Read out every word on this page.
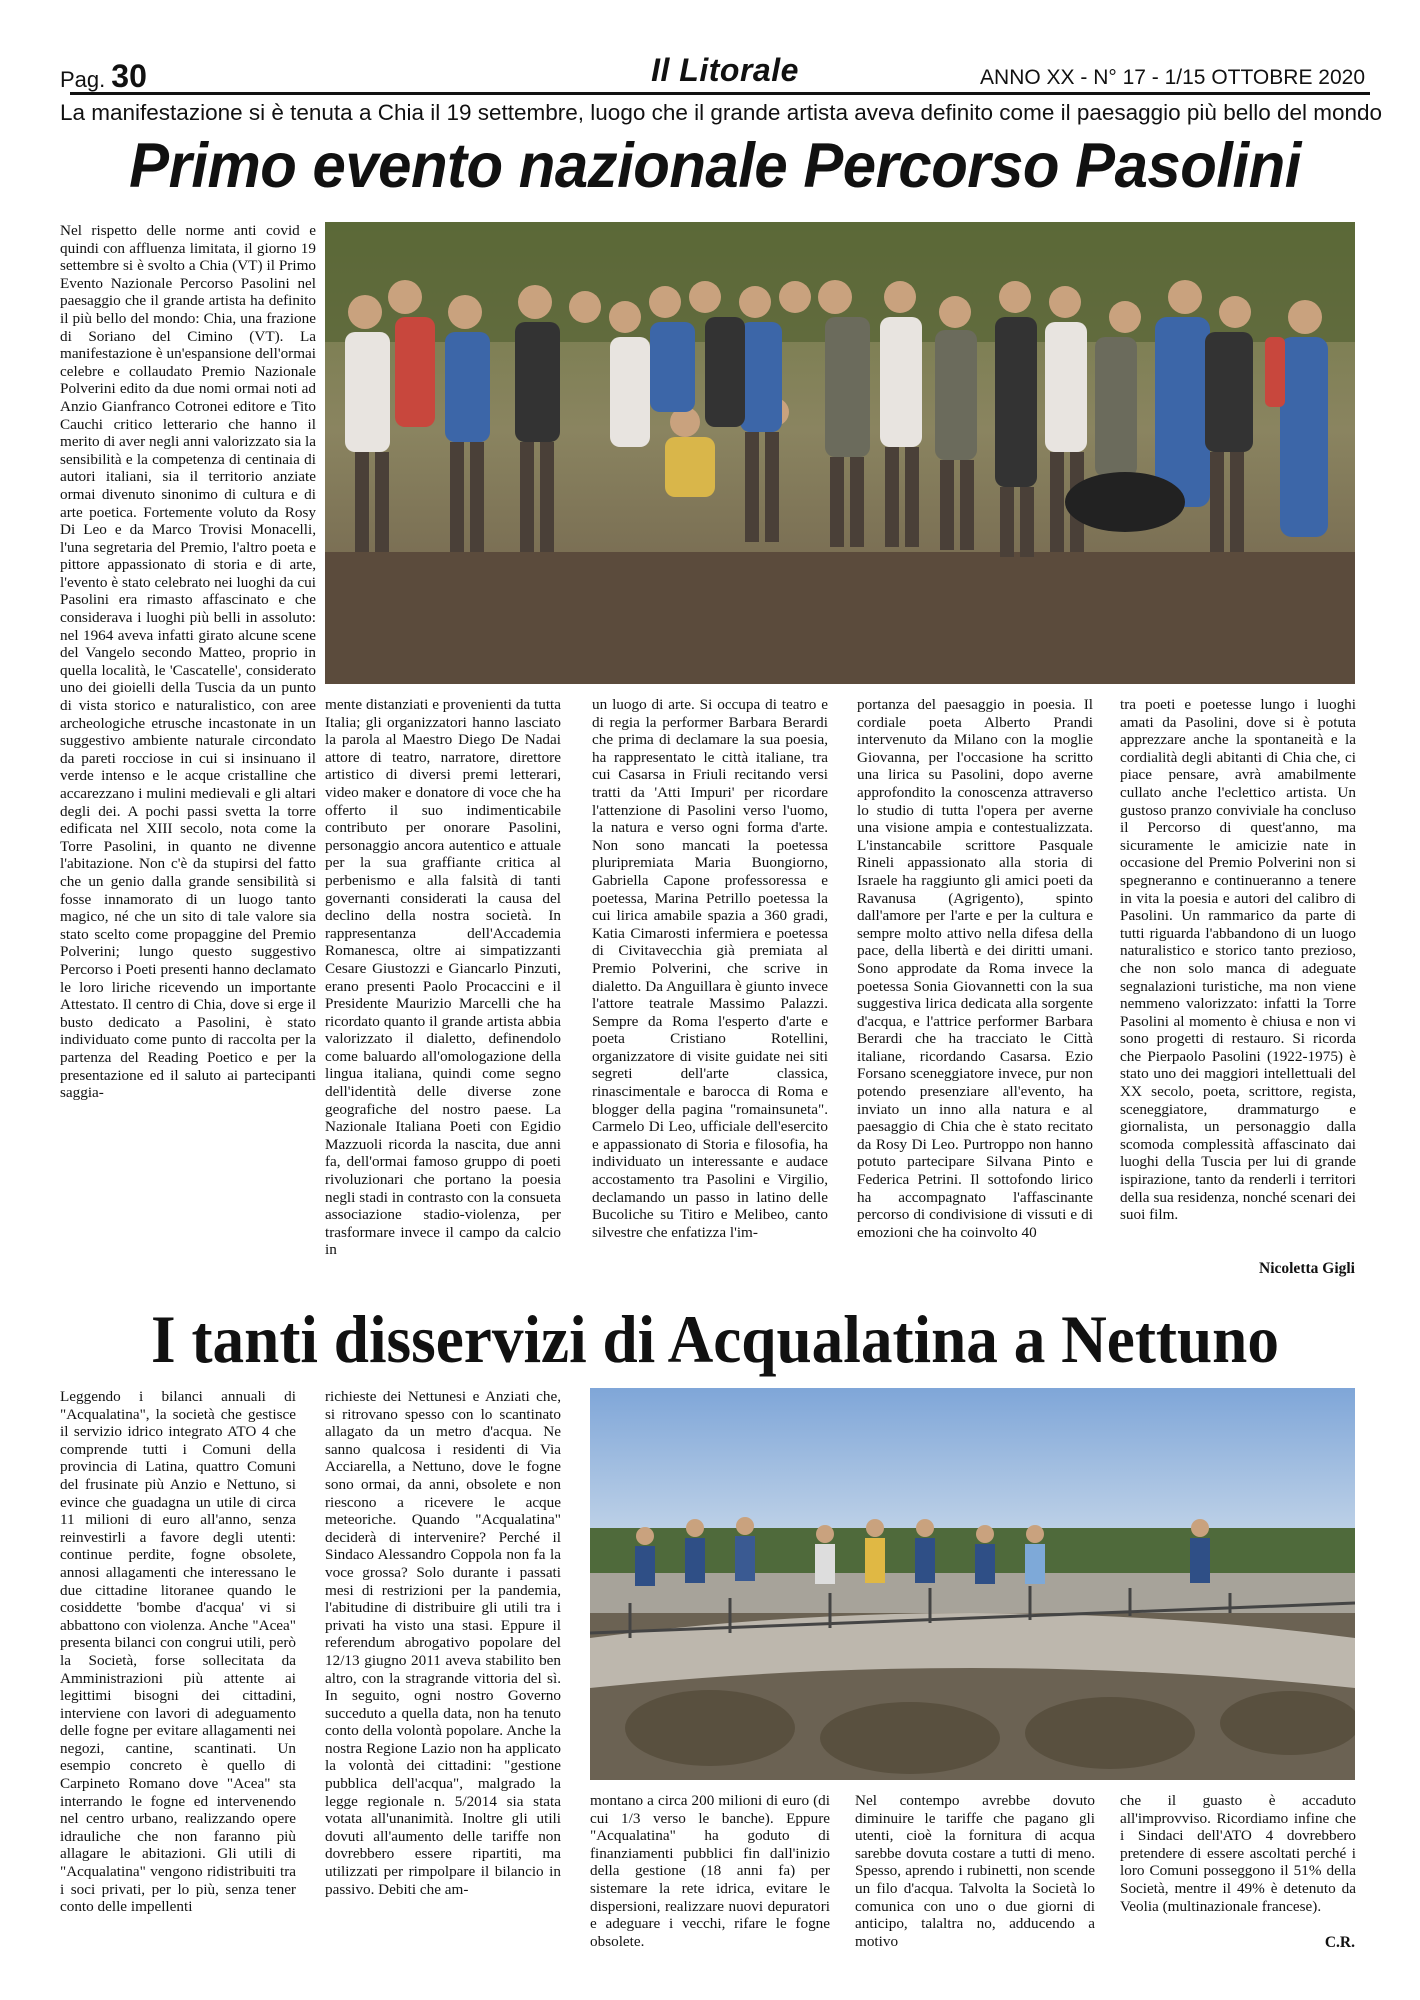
Pag. 30	Il Litorale	ANNO XX - N° 17 - 1/15 OTTOBRE 2020
La manifestazione si è tenuta a Chia il 19 settembre, luogo che il grande artista aveva definito come il paesaggio più bello del mondo
Primo evento nazionale Percorso Pasolini

Nel rispetto delle norme anti covid e quindi con affluenza limitata, il giorno 19 settembre si è svolto a Chia (VT) il Primo Evento Nazionale Percorso Pasolini nel paesaggio che il grande artista ha definito il più bello del mondo: Chia, una frazione di Soriano del Cimino (VT). La manifestazione è un'espansione dell'ormai celebre e collaudato Premio Nazionale Polverini edito da due nomi ormai noti ad Anzio Gianfranco Cotronei editore e Tito Cauchi critico letterario che hanno il merito di aver negli anni valorizzato sia la sensibilità e la competenza di centinaia di autori italiani, sia il territorio anziate ormai divenuto sinonimo di cultura e di arte poetica. Fortemente voluto da Rosy Di Leo e da Marco Trovisi Monacelli, l'una segretaria del Premio, l'altro poeta e pittore appassionato di storia e di arte, l'evento è stato celebrato nei luoghi da cui Pasolini era rimasto affascinato e che considerava i luoghi più belli in assoluto: nel 1964 aveva infatti girato alcune scene del Vangelo secondo Matteo, proprio in quella località, le 'Cascatelle', considerato uno dei gioielli della Tuscia da un punto di vista storico e naturalistico, con aree archeologiche etrusche incastonate in un suggestivo ambiente naturale circondato da pareti rocciose in cui si insinuano il verde intenso e le acque cristalline che accarezzano i mulini medievali e gli altari degli dei. A pochi passi svetta la torre edificata nel XIII secolo, nota come la Torre Pasolini, in quanto ne divenne l'abitazione. Non c'è da stupirsi del fatto che un genio dalla grande sensibilità si fosse innamorato di un luogo tanto magico, né che un sito di tale valore sia stato scelto come propaggine del Premio Polverini; lungo questo suggestivo Percorso i Poeti presenti hanno declamato le loro liriche ricevendo un importante Attestato. Il centro di Chia, dove si erge il busto dedicato a Pasolini, è stato individuato come punto di raccolta per la partenza del Reading Poetico e per la presentazione ed il saluto ai partecipanti saggia-

mente distanziati e provenienti da tutta Italia; gli organizzatori hanno lasciato la parola al Maestro Diego De Nadai attore di teatro, narratore, direttore artistico di diversi premi letterari, video maker e donatore di voce che ha offerto il suo indimenticabile contributo per onorare Pasolini, personaggio ancora autentico e attuale per la sua graffiante critica al perbenismo e alla falsità di tanti governanti considerati la causa del declino della nostra società. In rappresentanza dell'Accademia Romanesca, oltre ai simpatizzanti Cesare Giustozzi e Giancarlo Pinzuti, erano presenti Paolo Procaccini e il Presidente Maurizio Marcelli che ha ricordato quanto il grande artista abbia valorizzato il dialetto, definendolo come baluardo all'omologazione della lingua italiana, quindi come segno dell'identità delle diverse zone geografiche del nostro paese. La Nazionale Italiana Poeti con Egidio Mazzuoli ricorda la nascita, due anni fa, dell'ormai famoso gruppo di poeti rivoluzionari che portano la poesia negli stadi in contrasto con la consueta associazione stadio-violenza, per trasformare invece il campo da calcio in

un luogo di arte. Si occupa di teatro e di regia la performer Barbara Berardi che prima di declamare la sua poesia, ha rappresentato le città italiane, tra cui Casarsa in Friuli recitando versi tratti da 'Atti Impuri' per ricordare l'attenzione di Pasolini verso l'uomo, la natura e verso ogni forma d'arte. Non sono mancati la poetessa pluripremiata Maria Buongiorno, Gabriella Capone professoressa e poetessa, Marina Petrillo poetessa la cui lirica amabile spazia a 360 gradi, Katia Cimarosti infermiera e poetessa di Civitavecchia già premiata al Premio Polverini, che scrive in dialetto. Da Anguillara è giunto invece l'attore teatrale Massimo Palazzi. Sempre da Roma l'esperto d'arte e poeta Cristiano Rotellini, organizzatore di visite guidate nei siti segreti dell'arte classica, rinascimentale e barocca di Roma e blogger della pagina "romainsuneta". Carmelo Di Leo, ufficiale dell'esercito e appassionato di Storia e filosofia, ha individuato un interessante e audace accostamento tra Pasolini e Virgilio, declamando un passo in latino delle Bucoliche su Titiro e Melibeo, canto silvestre che enfatizza l'im-

portanza del paesaggio in poesia. Il cordiale poeta Alberto Prandi intervenuto da Milano con la moglie Giovanna, per l'occasione ha scritto una lirica su Pasolini, dopo averne approfondito la conoscenza attraverso lo studio di tutta l'opera per averne una visione ampia e contestualizzata. L'instancabile scrittore Pasquale Rineli appassionato alla storia di Israele ha raggiunto gli amici poeti da Ravanusa (Agrigento), spinto dall'amore per l'arte e per la cultura e sempre molto attivo nella difesa della pace, della libertà e dei diritti umani. Sono approdate da Roma invece la poetessa Sonia Giovannetti con la sua suggestiva lirica dedicata alla sorgente d'acqua, e l'attrice performer Barbara Berardi che ha tracciato le Città italiane, ricordando Casarsa. Ezio Forsano sceneggiatore invece, pur non potendo presenziare all'evento, ha inviato un inno alla natura e al paesaggio di Chia che è stato recitato da Rosy Di Leo. Purtroppo non hanno potuto partecipare Silvana Pinto e Federica Petrini. Il sottofondo lirico ha accompagnato l'affascinante percorso di condivisione di vissuti e di emozioni che ha coinvolto 40

tra poeti e poetesse lungo i luoghi amati da Pasolini, dove si è potuta apprezzare anche la spontaneità e la cordialità degli abitanti di Chia che, ci piace pensare, avrà amabilmente cullato anche l'eclettico artista. Un gustoso pranzo conviviale ha concluso il Percorso di quest'anno, ma sicuramente le amicizie nate in occasione del Premio Polverini non si spegneranno e continueranno a tenere in vita la poesia e autori del calibro di Pasolini. Un rammarico da parte di tutti riguarda l'abbandono di un luogo naturalistico e storico tanto prezioso, che non solo manca di adeguate segnalazioni turistiche, ma non viene nemmeno valorizzato: infatti la Torre Pasolini al momento è chiusa e non vi sono progetti di restauro. Si ricorda che Pierpaolo Pasolini (1922-1975) è stato uno dei maggiori intellettuali del XX secolo, poeta, scrittore, regista, sceneggiatore, drammaturgo e giornalista, un personaggio dalla scomoda complessità affascinato dai luoghi della Tuscia per lui di grande ispirazione, tanto da renderli i territori della sua residenza, nonché scenari dei suoi film.

Nicoletta Gigli
I tanti disservizi di Acqualatina a Nettuno

Leggendo i bilanci annuali di "Acqualatina", la società che gestisce il servizio idrico integrato ATO 4 che comprende tutti i Comuni della provincia di Latina, quattro Comuni del frusinate più Anzio e Nettuno, si evince che guadagna un utile di circa 11 milioni di euro all'anno, senza reinvestirli a favore degli utenti: continue perdite, fogne obsolete, annosi allagamenti che interessano le due cittadine litoranee quando le cosiddette 'bombe d'acqua' vi si abbattono con violenza. Anche "Acea" presenta bilanci con congrui utili, però la Società, forse sollecitata da Amministrazioni più attente ai legittimi bisogni dei cittadini, interviene con lavori di adeguamento delle fogne per evitare allagamenti nei negozi, cantine, scantinati. Un esempio concreto è quello di Carpineto Romano dove "Acea" sta interrando le fogne ed intervenendo nel centro urbano, realizzando opere idrauliche che non faranno più allagare le abitazioni. Gli utili di "Acqualatina" vengono ridistribuiti tra i soci privati, per lo più, senza tener conto delle impellenti

richieste dei Nettunesi e Anziati che, si ritrovano spesso con lo scantinato allagato da un metro d'acqua. Ne sanno qualcosa i residenti di Via Acciarella, a Nettuno, dove le fogne sono ormai, da anni, obsolete e non riescono a ricevere le acque meteoriche. Quando "Acqualatina" deciderà di intervenire? Perché il Sindaco Alessandro Coppola non fa la voce grossa? Solo durante i passati mesi di restrizioni per la pandemia, l'abitudine di distribuire gli utili tra i privati ha visto una stasi. Eppure il referendum abrogativo popolare del 12/13 giugno 2011 aveva stabilito ben altro, con la stragrande vittoria del sì. In seguito, ogni nostro Governo succeduto a quella data, non ha tenuto conto della volontà popolare. Anche la nostra Regione Lazio non ha applicato la volontà dei cittadini: "gestione pubblica dell'acqua", malgrado la legge regionale n. 5/2014 sia stata votata all'unanimità. Inoltre gli utili dovuti all'aumento delle tariffe non dovrebbero essere ripartiti, ma utilizzati per rimpolpare il bilancio in passivo. Debiti che am-

montano a circa 200 milioni di euro (di cui 1/3 verso le banche). Eppure "Acqualatina" ha goduto di finanziamenti pubblici fin dall'inizio della gestione (18 anni fa) per sistemare la rete idrica, evitare le dispersioni, realizzare nuovi depuratori e adeguare i vecchi, rifare le fogne obsolete.

Nel contempo avrebbe dovuto diminuire le tariffe che pagano gli utenti, cioè la fornitura di acqua sarebbe dovuta costare a tutti di meno. Spesso, aprendo i rubinetti, non scende un filo d'acqua. Talvolta la Società lo comunica con uno o due giorni di anticipo, talaltra no, adducendo a motivo

che il guasto è accaduto all'improvviso. Ricordiamo infine che i Sindaci dell'ATO 4 dovrebbero pretendere di essere ascoltati perché i loro Comuni posseggono il 51% della Società, mentre il 49% è detenuto da Veolia (multinazionale francese).

C.R.
